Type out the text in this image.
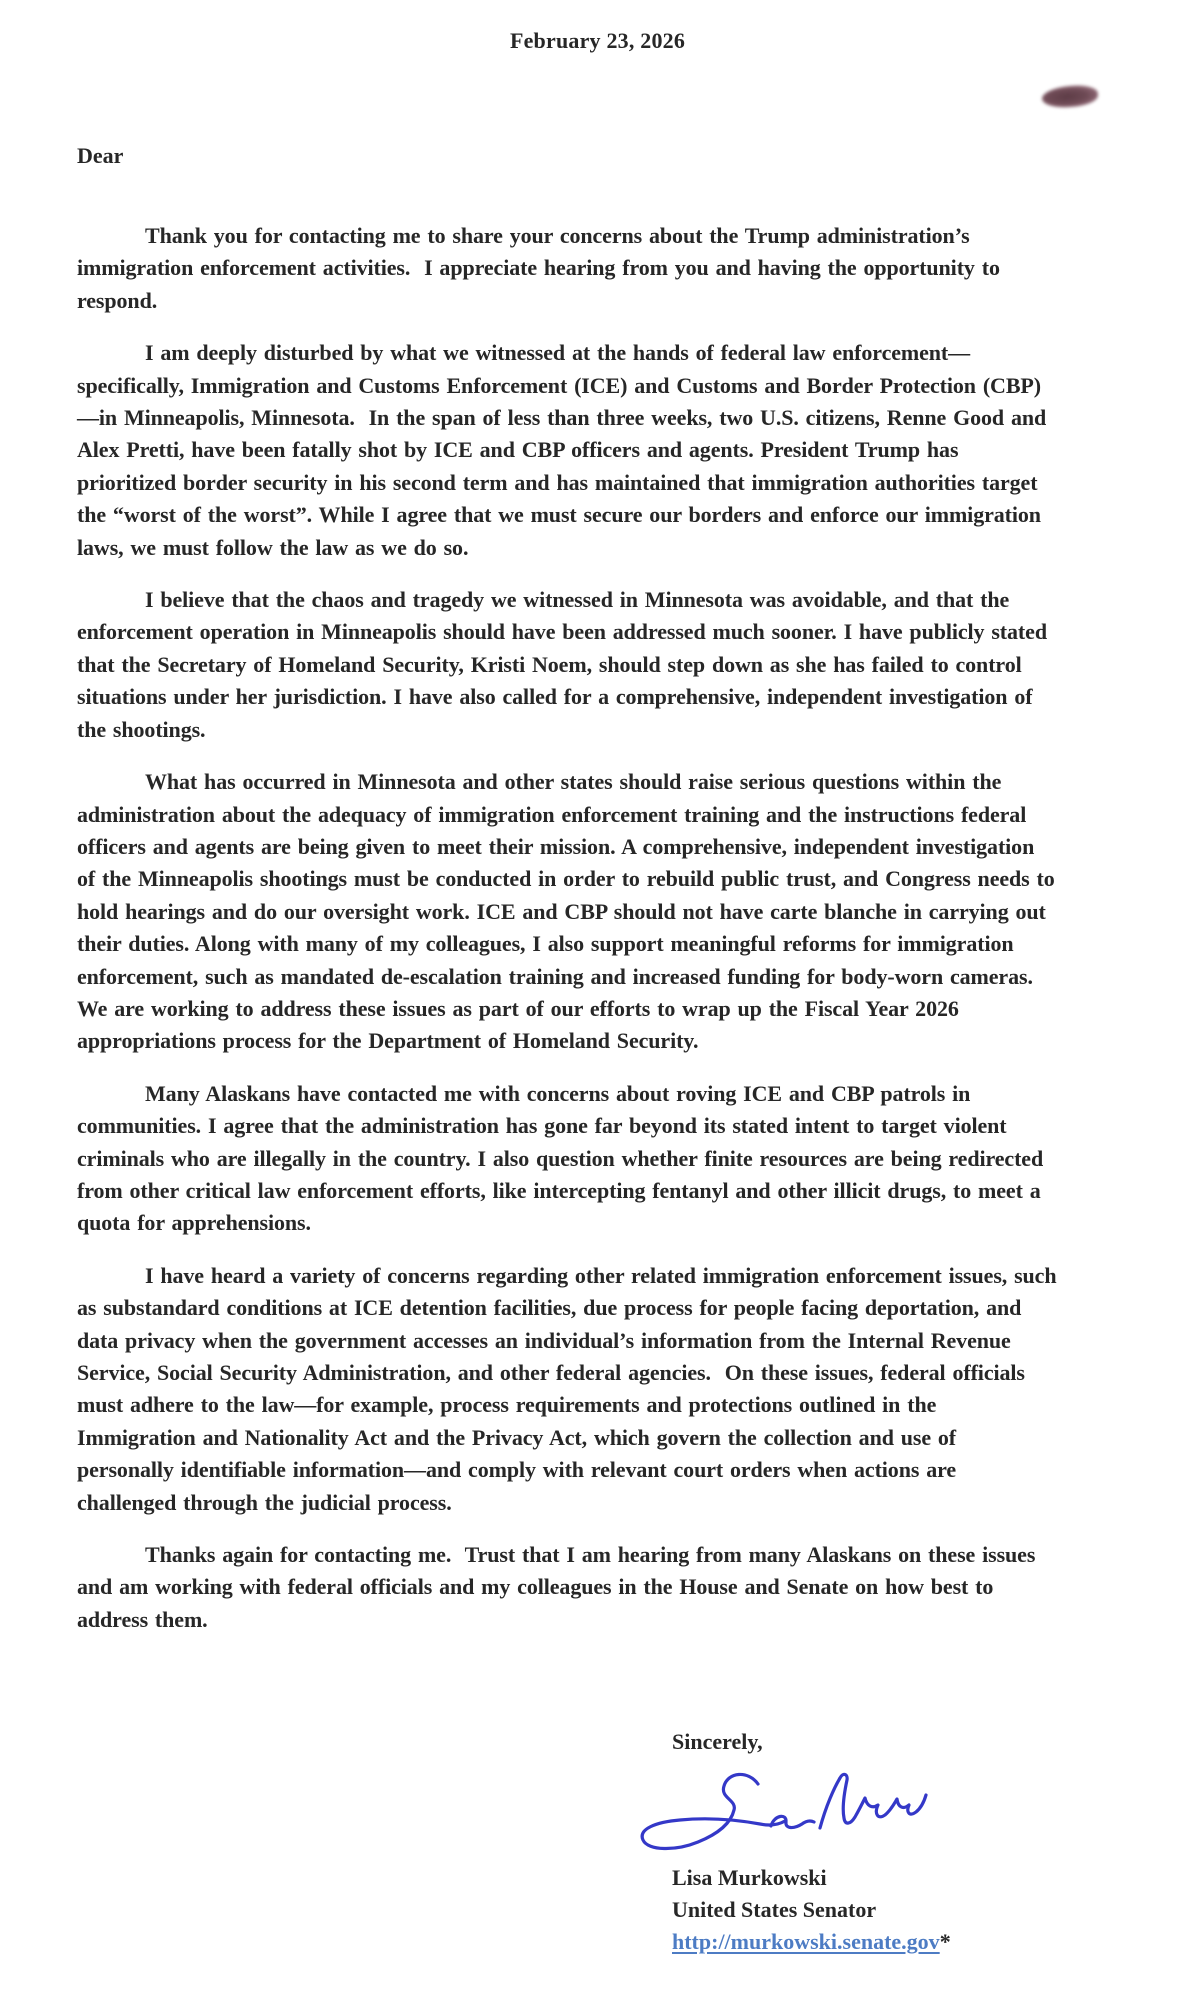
February 23, 2026
Dear
Thank you for contacting me to share your concerns about the Trump administration’s
immigration enforcement activities.  I appreciate hearing from you and having the opportunity to
respond.
I am deeply disturbed by what we witnessed at the hands of federal law enforcement—
specifically, Immigration and Customs Enforcement (ICE) and Customs and Border Protection (CBP)
—in Minneapolis, Minnesota.  In the span of less than three weeks, two U.S. citizens, Renne Good and
Alex Pretti, have been fatally shot by ICE and CBP officers and agents. President Trump has
prioritized border security in his second term and has maintained that immigration authorities target
the “worst of the worst”. While I agree that we must secure our borders and enforce our immigration
laws, we must follow the law as we do so.
I believe that the chaos and tragedy we witnessed in Minnesota was avoidable, and that the
enforcement operation in Minneapolis should have been addressed much sooner. I have publicly stated
that the Secretary of Homeland Security, Kristi Noem, should step down as she has failed to control
situations under her jurisdiction. I have also called for a comprehensive, independent investigation of
the shootings.
What has occurred in Minnesota and other states should raise serious questions within the
administration about the adequacy of immigration enforcement training and the instructions federal
officers and agents are being given to meet their mission. A comprehensive, independent investigation
of the Minneapolis shootings must be conducted in order to rebuild public trust, and Congress needs to
hold hearings and do our oversight work. ICE and CBP should not have carte blanche in carrying out
their duties. Along with many of my colleagues, I also support meaningful reforms for immigration
enforcement, such as mandated de-escalation training and increased funding for body-worn cameras.
We are working to address these issues as part of our efforts to wrap up the Fiscal Year 2026
appropriations process for the Department of Homeland Security.
Many Alaskans have contacted me with concerns about roving ICE and CBP patrols in
communities. I agree that the administration has gone far beyond its stated intent to target violent
criminals who are illegally in the country. I also question whether finite resources are being redirected
from other critical law enforcement efforts, like intercepting fentanyl and other illicit drugs, to meet a
quota for apprehensions.
I have heard a variety of concerns regarding other related immigration enforcement issues, such
as substandard conditions at ICE detention facilities, due process for people facing deportation, and
data privacy when the government accesses an individual’s information from the Internal Revenue
Service, Social Security Administration, and other federal agencies.  On these issues, federal officials
must adhere to the law—for example, process requirements and protections outlined in the
Immigration and Nationality Act and the Privacy Act, which govern the collection and use of
personally identifiable information—and comply with relevant court orders when actions are
challenged through the judicial process.
Thanks again for contacting me.  Trust that I am hearing from many Alaskans on these issues
and am working with federal officials and my colleagues in the House and Senate on how best to
address them.
Sincerely,
Lisa Murkowski
United States Senator
http://murkowski.senate.gov*
